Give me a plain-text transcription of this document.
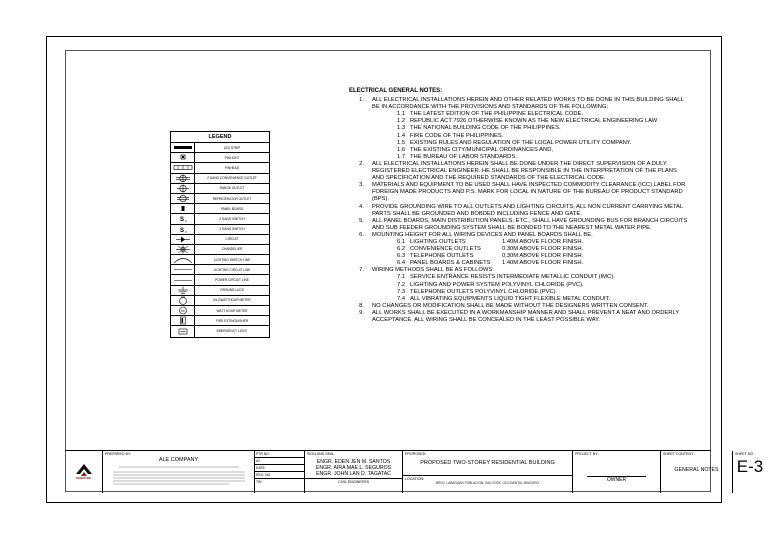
LEGEND
LED STRIP
PINLIGHT
PINHEAD
2 GANG CONVENIENCE OUTLET
RANGE OUTLET
REFRIGERATOR OUTLET
PANEL BOARD
S 2
2 GANG SWITCH
S 3
3 GANG SWITCH
CIRCUIT
CHANDELIER
LIGHTING SWITCH LINE
LIGHTING CIRCUIT LINE
POWER CIRCUIT LINE
GROUND LUGS
KILOWATTHOUR METER
M	WATT HOUR METER
FIRE EXTINGUISHER
EMERGENCY LIGHT
ELECTRICAL GENERAL NOTES:
1.	ALL ELECTRICAL INSTALLATIONS HEREIN AND OTHER RELATED WORKS TO BE DONE IN THIS BUILDING SHALL BE IN ACCORDANCE WITH THE PROVISIONS AND STANDARDS OF THE FOLLOWING:
1.1 THE LATEST EDITION OF THE PHILIPPINE ELECTRICAL CODE.
1.2 REPUBLIC ACT 7926 OTHERWISE KNOWN AS THE NEW ELECTRICAL ENGINEERING LAW
1.3 THE NATIONAL BUILDING CODE OF THE PHILIPPINES.
1.4 FIRE CODE OF THE PHILIPPINES.
1.5 EXISTING RULES AND REGULATION OF THE LOCAL POWER UTILITY COMPANY.
1.6 THE EXISTING CITY/MUNICIPAL ORDINANCES AND,
1.7 THE BUREAU OF LABOR STANDARDS.
2.	ALL ELECTRICAL INSTALLATIONS HEREIN SHALL BE DONE UNDER THE DIRECT SUPERVISION OF A DULY REGISTERED ELECTRICAL ENGINEER. HE SHALL BE RESPONSIBLE IN THE INTERPRETATION OF THE PLANS AND SPECIFICATION AND THE REQUIRED STANDARDS OF THE ELECTRICAL CODE.
3.	MATERIALS AND EQUIPMENT TO BE USED SHALL HAVE INSPECTED COMMODITY CLEARANCE (ICC) LABEL FOR FOREIGN MADE PRODUCTS AND P.S. MARK FOR LOCAL IN NATURE OF THE BUREAU OF PRODUCT STANDARD (BPS).
4.	PROVIDE GROUNDING WIRE TO ALL OUTLETS AND LIGHTING CIRCUITS, ALL NON CURRENT CARRYING METAL PARTS SHALL BE GROUNDED AND BOBDED INCLUDING FENCE AND GATE.
5.	ALL PANEL BOARDS, MAIN DISTRIBUTION PANELS, ETC., SHALL HAVE GROUNDING BUS FOR BRANCH CIRCUITS AND SUB FEEDER GROUNDING SYSTEM SHALL BE BONDED TO THE NEAREST METAL WATER PIPE.
6.	MOUNTING HEIGHT FOR ALL WIRING DEVICES AND PANEL BOARDS SHALL BE.
6.1 LIGHTING OUTLETS	1.40M ABOVE FLOOR FINISH.
6.2 CONVENIENCE OUTLETS	0.30M ABOVE FLOOR FINISH.
6.3 TELEPHONE OUTLETS	0.30M ABOVE FLOOR FINISH.
6.4 PANEL BOARDS & CABINETS	1.40M ABOVE FLOOR FINISH.
7.	WIRING METHODS SHALL BE AS FOLLOWS:
7.1 SERVICE ENTRANCE RESISTS INTERMEDIATE METALLIC CONDUIT (IMC).
7.2 LIGHTING AND POWER SYSTEM POLYVINYL CHLORIDE (PVC).
7.3 TELEPHONE OUTLETS POLYVINYL CHLORIDE (PVC).
7.4 ALL VIBRATING EQUIPMENTS LIQUID TIGHT FLEXIBLE METAL CONDUIT.
8.	NO CHANGES OR MODIFICATION SHALL BE MADE WITHOUT THE DESIGNERS WRITTEN CONSENT.
9.	ALL WORKS SHALL BE EXECUTED IN A WORKMANSHIP MANNER AND SHALL PREVENT A NEAT AND ORDERLY ACCEPTANCE. ALL WIRING SHALL BE CONCEALED IN THE LEAST POSSIBLE WAY.
SIGNATURE
PREPARED BY:
ALE COMPANY
PTR NO.
AT:
DATE:
REG. NO.
TIN
SIGN AND SEAL:
ENGR. EDEN JEN M. SANTOS
ENGR. AIRA MAE L. SEGUROS
ENGR. JOHN LAN D. TAGATAC
CIVIL ENGINEERS
PROPOSED:
PROPOSED TWO-STOREY RESIDENTIAL BUILDING
LOCATION:
BRGY. LABANGAN POBLACION, SAN JOSE, OCCIDENTAL MINDORO
PROJECT BY :
OWNER
SHEET CONTENT :
GENERAL NOTES
SHEET NO :
E-3
